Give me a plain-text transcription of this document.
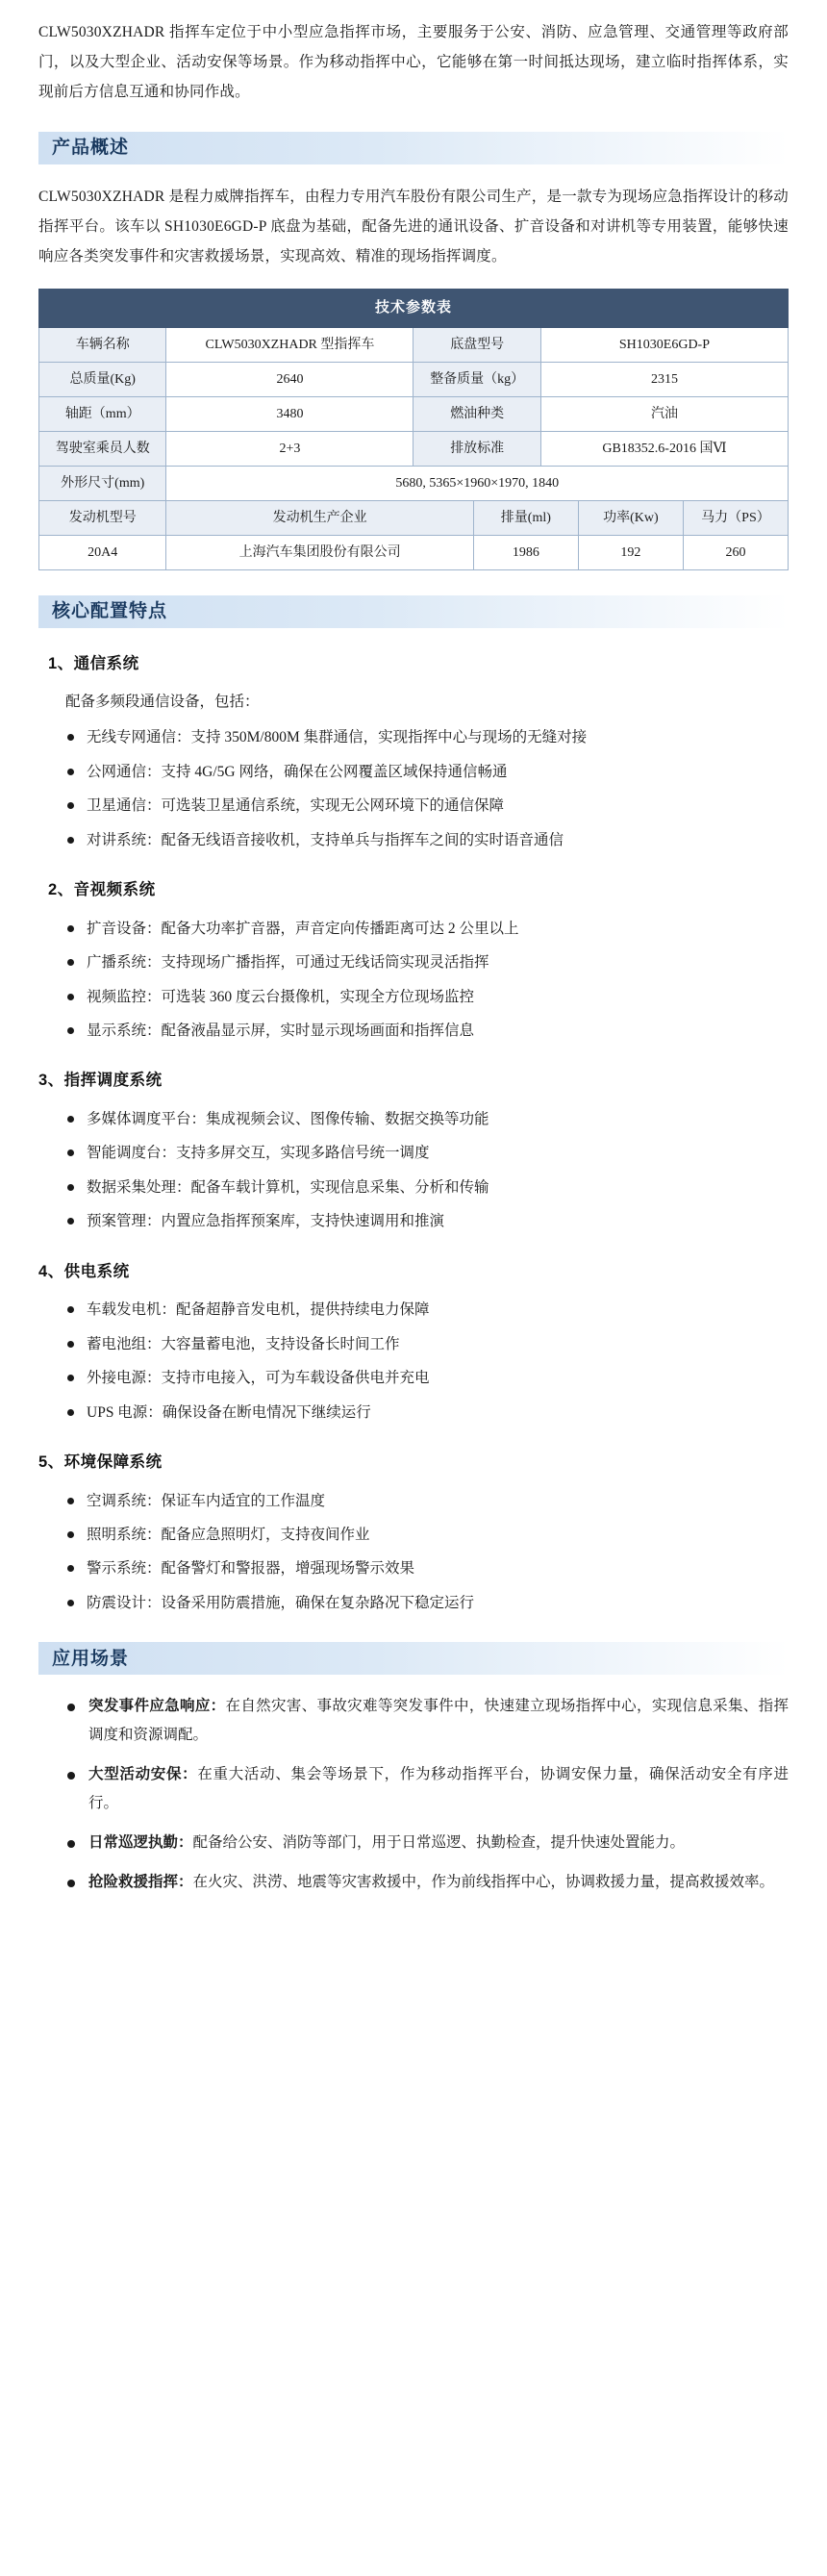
CLW5030XZHADR 指挥车定位于中小型应急指挥市场，主要服务于公安、消防、应急管理、交通管理等政府部门，以及大型企业、活动安保等场景。作为移动指挥中心，它能够在第一时间抵达现场，建立临时指挥体系，实现前后方信息互通和协同作战。

产品概述

CLW5030XZHADR 是程力威牌指挥车，由程力专用汽车股份有限公司生产，是一款专为现场应急指挥设计的移动指挥平台。该车以 SH1030E6GD-P 底盘为基础，配备先进的通讯设备、扩音设备和对讲机等专用装置，能够快速响应各类突发事件和灾害救援场景，实现高效、精准的现场指挥调度。

技术参数表			
车辆名称	CLW5030XZHADR 型指挥车	底盘型号	SH1030E6GD-P
总质量(Kg)	2640	整备质量（kg）	2315
轴距（mm）	3480	燃油种类	汽油
驾驶室乘员人数	2+3	排放标准	GB18352.6-2016 国Ⅵ
外形尺寸(mm)	5680, 5365×1960×1970, 1840		
发动机型号	发动机生产企业	排量(ml)	功率(Kw)	马力（PS）
20A4	上海汽车集团股份有限公司	1986	192	260
核心配置特点
1、通信系统

配备多频段通信设备，包括：

无线专网通信：支持 350M/800M 集群通信，实现指挥中心与现场的无缝对接
公网通信：支持 4G/5G 网络，确保在公网覆盖区域保持通信畅通
卫星通信：可选装卫星通信系统，实现无公网环境下的通信保障
对讲系统：配备无线语音接收机，支持单兵与指挥车之间的实时语音通信
2、音视频系统
扩音设备：配备大功率扩音器，声音定向传播距离可达 2 公里以上
广播系统：支持现场广播指挥，可通过无线话筒实现灵活指挥
视频监控：可选装 360 度云台摄像机，实现全方位现场监控
显示系统：配备液晶显示屏，实时显示现场画面和指挥信息
3、指挥调度系统
多媒体调度平台：集成视频会议、图像传输、数据交换等功能
智能调度台：支持多屏交互，实现多路信号统一调度
数据采集处理：配备车载计算机，实现信息采集、分析和传输
预案管理：内置应急指挥预案库，支持快速调用和推演
4、供电系统
车载发电机：配备超静音发电机，提供持续电力保障
蓄电池组：大容量蓄电池，支持设备长时间工作
外接电源：支持市电接入，可为车载设备供电并充电
UPS 电源：确保设备在断电情况下继续运行
5、环境保障系统
空调系统：保证车内适宜的工作温度
照明系统：配备应急照明灯，支持夜间作业
警示系统：配备警灯和警报器，增强现场警示效果
防震设计：设备采用防震措施，确保在复杂路况下稳定运行
应用场景
突发事件应急响应：在自然灾害、事故灾难等突发事件中，快速建立现场指挥中心，实现信息采集、指挥调度和资源调配。
大型活动安保：在重大活动、集会等场景下，作为移动指挥平台，协调安保力量，确保活动安全有序进行。
日常巡逻执勤：配备给公安、消防等部门，用于日常巡逻、执勤检查，提升快速处置能力。
抢险救援指挥：在火灾、洪涝、地震等灾害救援中，作为前线指挥中心，协调救援力量，提高救援效率。
